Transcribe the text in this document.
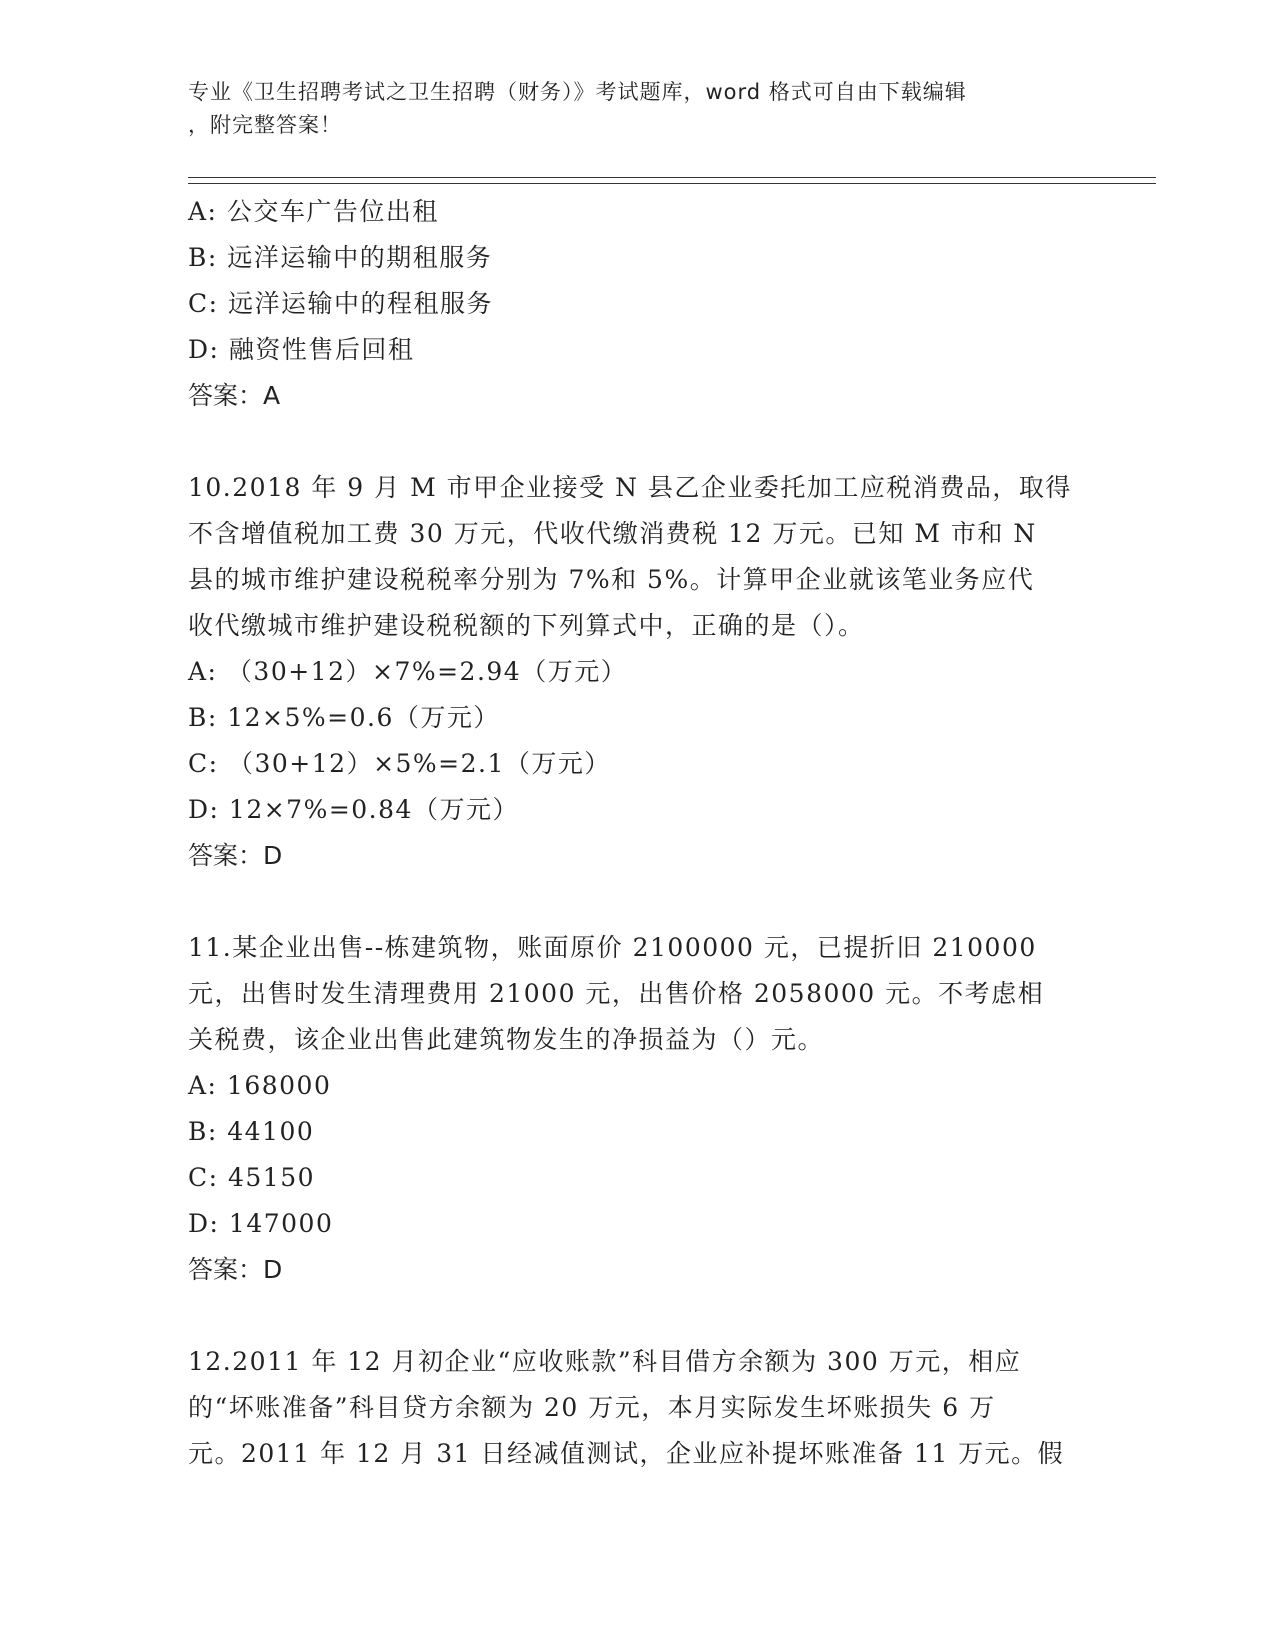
专业《卫生招聘考试之卫生招聘（财务）》考试题库，word 格式可自由下载编辑
，附完整答案！
A: 公交车广告位出租
B: 远洋运输中的期租服务
C: 远洋运输中的程租服务
D: 融资性售后回租
答案：A
10.2018 年 9 月 M 市甲企业接受 N 县乙企业委托加工应税消费品，取得
不含增值税加工费 30 万元，代收代缴消费税 12 万元。已知 M 市和 N
县的城市维护建设税税率分别为 7%和 5%。计算甲企业就该笔业务应代
收代缴城市维护建设税税额的下列算式中，正确的是（）。
A: （30+12）×7%=2.94（万元）
B: 12×5%=0.6（万元）
C: （30+12）×5%=2.1（万元）
D: 12×7%=0.84（万元）
答案：D
11.某企业出售--栋建筑物，账面原价 2100000 元，已提折旧 210000
元，出售时发生清理费用 21000 元，出售价格 2058000 元。不考虑相
关税费，该企业出售此建筑物发生的净损益为（）元。
A: 168000
B: 44100
C: 45150
D: 147000
答案：D
12.2011 年 12 月初企业“应收账款”科目借方余额为 300 万元，相应
的“坏账准备”科目贷方余额为 20 万元，本月实际发生坏账损失 6 万
元。2011 年 12 月 31 日经减值测试，企业应补提坏账准备 11 万元。假
